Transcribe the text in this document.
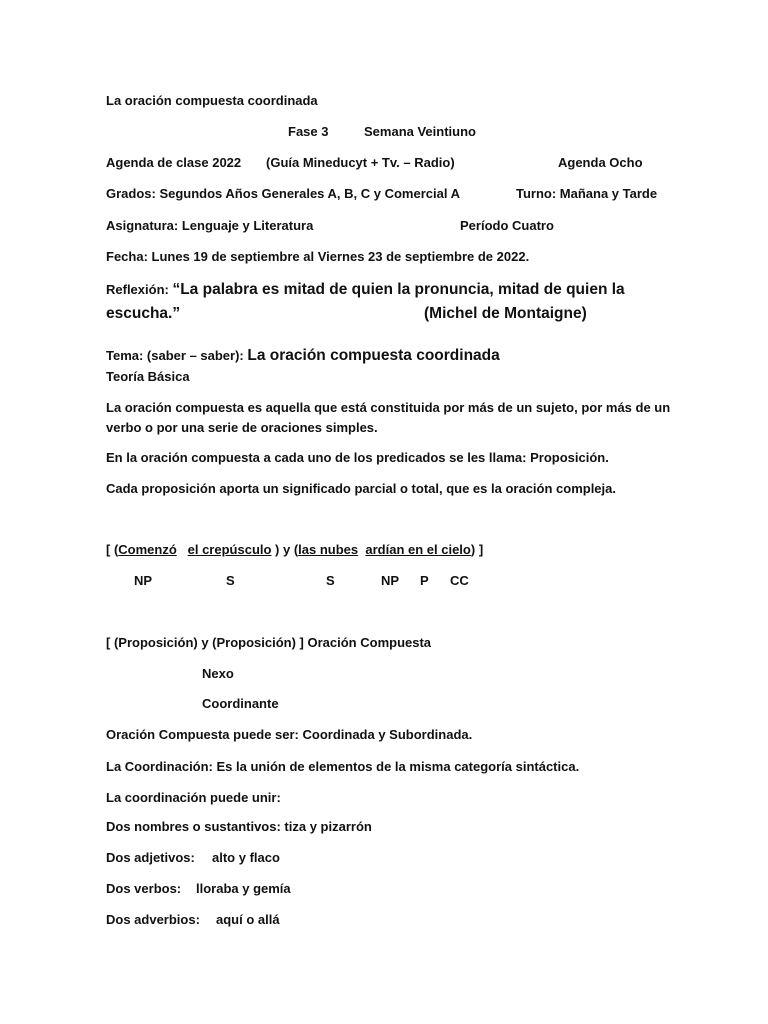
La oración compuesta coordinada
Fase 3	Semana Veintiuno
Agenda de clase 2022 (Guía Mineducyt + Tv. – Radio)	Agenda Ocho
Grados: Segundos Años Generales A, B, C y Comercial A	Turno: Mañana y Tarde
Asignatura: Lenguaje y Literatura	Período Cuatro
Fecha: Lunes 19 de septiembre al Viernes 23 de septiembre de 2022.
Reflexión: “La palabra es mitad de quien la pronuncia, mitad de quien la
escucha.”	(Michel de Montaigne)
Tema: (saber – saber): La oración compuesta coordinada
Teoría Básica
La oración compuesta es aquella que está constituida por más de un sujeto, por más de un verbo o por una serie de oraciones simples.
En la oración compuesta a cada uno de los predicados se les llama: Proposición.
Cada proposición aporta un significado parcial o total, que es la oración compleja.
[ (Comenzó el crepúsculo ) y (las nubes ardían en el cielo) ]
NP	S	S	NP P CC
[ (Proposición) y (Proposición) ] Oración Compuesta
Nexo
Coordinante
Oración Compuesta puede ser: Coordinada y Subordinada.
La Coordinación: Es la unión de elementos de la misma categoría sintáctica.
La coordinación puede unir:
Dos nombres o sustantivos: tiza y pizarrón
Dos adjetivos: alto y flaco
Dos verbos: lloraba y gemía
Dos adverbios: aquí o allá
